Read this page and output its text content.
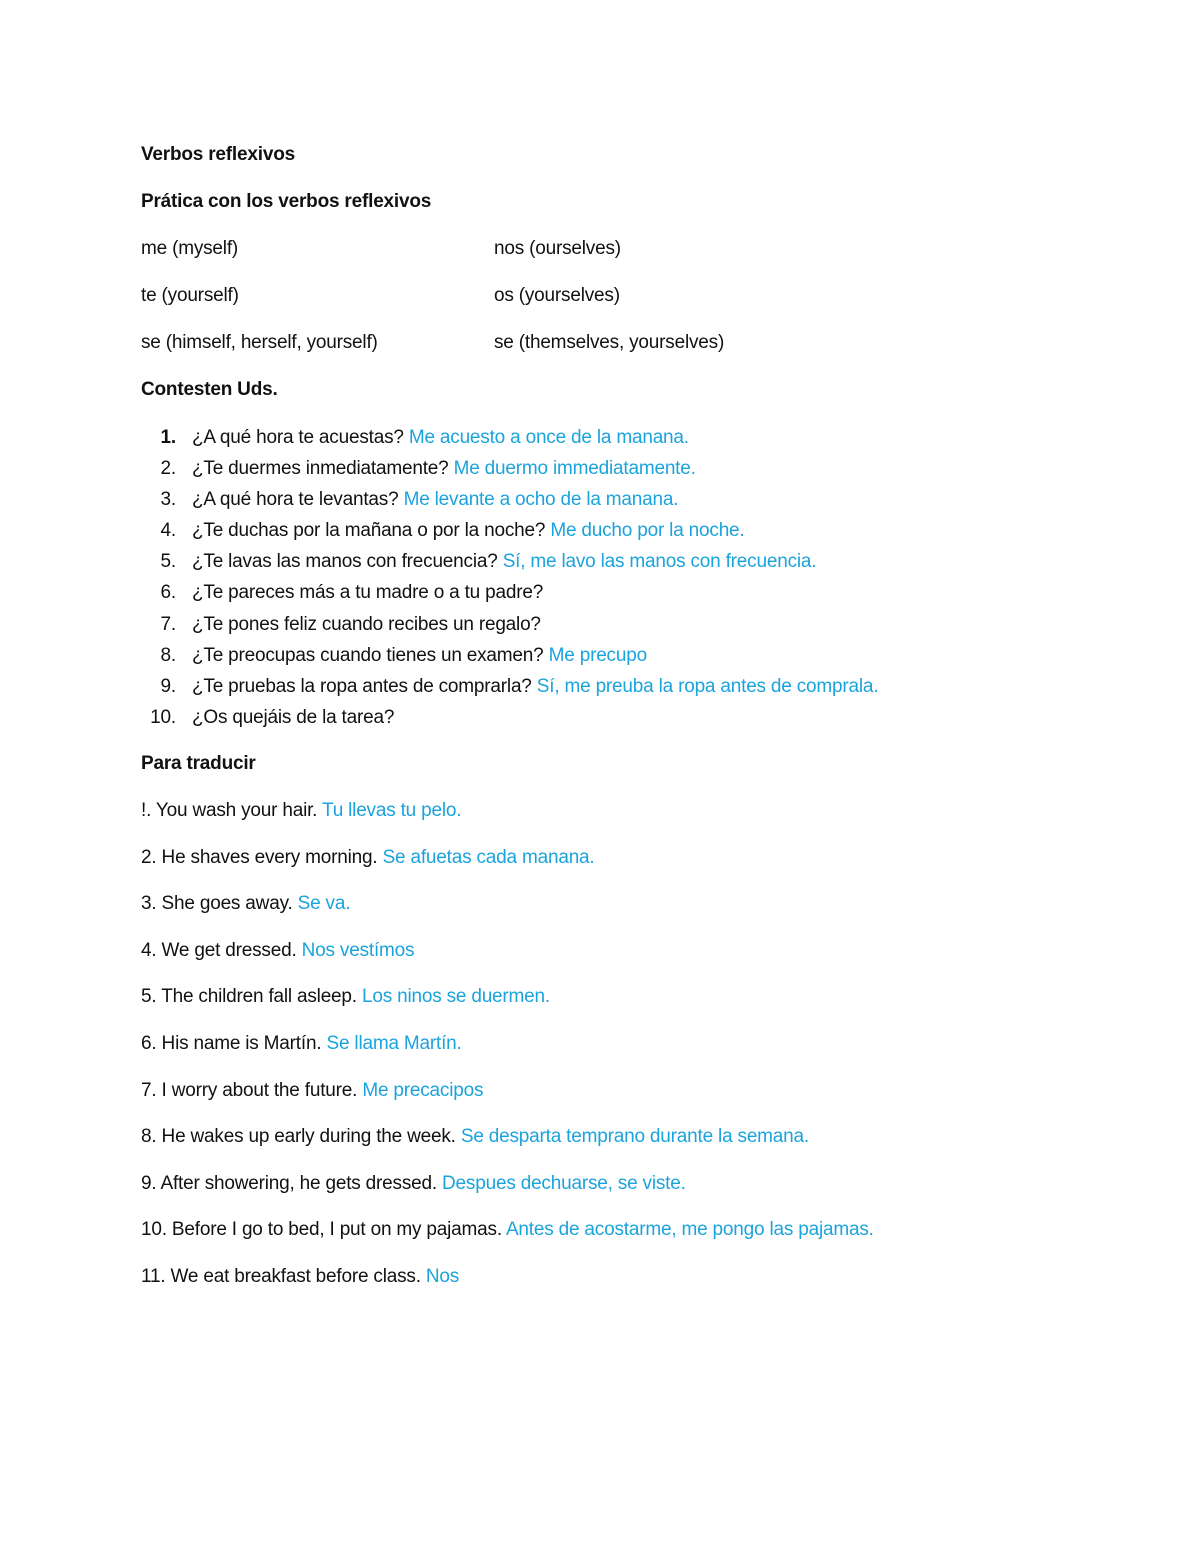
Verbos reflexivos
Prática con los verbos reflexivos
me (myself)	nos (ourselves)
te (yourself)	os (yourselves)
se (himself, herself, yourself)	se (themselves, yourselves)
Contesten Uds.
1. ¿A qué hora te acuestas?
Me acuesto a once de la manana.
2. ¿Te duermes inmediatamente?
Me duermo immediatamente.
3. ¿A qué hora te levantas?
Me levante a ocho de la manana.
4. ¿Te duchas por la mañana o por la noche?
Me ducho por la noche.
5. ¿Te lavas las manos con frecuencia?
Sí, me lavo las manos con frecuencia.
6. ¿Te pareces más a tu madre o a tu padre?

7. ¿Te pones feliz cuando recibes un regalo?

8. ¿Te preocupas cuando tienes un examen?
Me precupo
9. ¿Te pruebas la ropa antes de comprarla?
Sí, me preuba la ropa antes de comprala.
10. ¿Os quejáis de la tarea?

Para traducir
!. You wash your hair. Tu llevas tu pelo.
2. He shaves every morning. Se afuetas cada manana.
3. She goes away. Se va.
4. We get dressed. Nos vestímos
5. The children fall asleep. Los ninos se duermen.
6. His name is Martín. Se llama Martín.
7. I worry about the future. Me precacipos
8. He wakes up early during the week. Se desparta temprano durante la semana.
9. After showering, he gets dressed. Despues dechuarse, se viste.
10. Before I go to bed, I put on my pajamas. Antes de acostarme, me pongo las pajamas.
11. We eat breakfast before class. Nos
